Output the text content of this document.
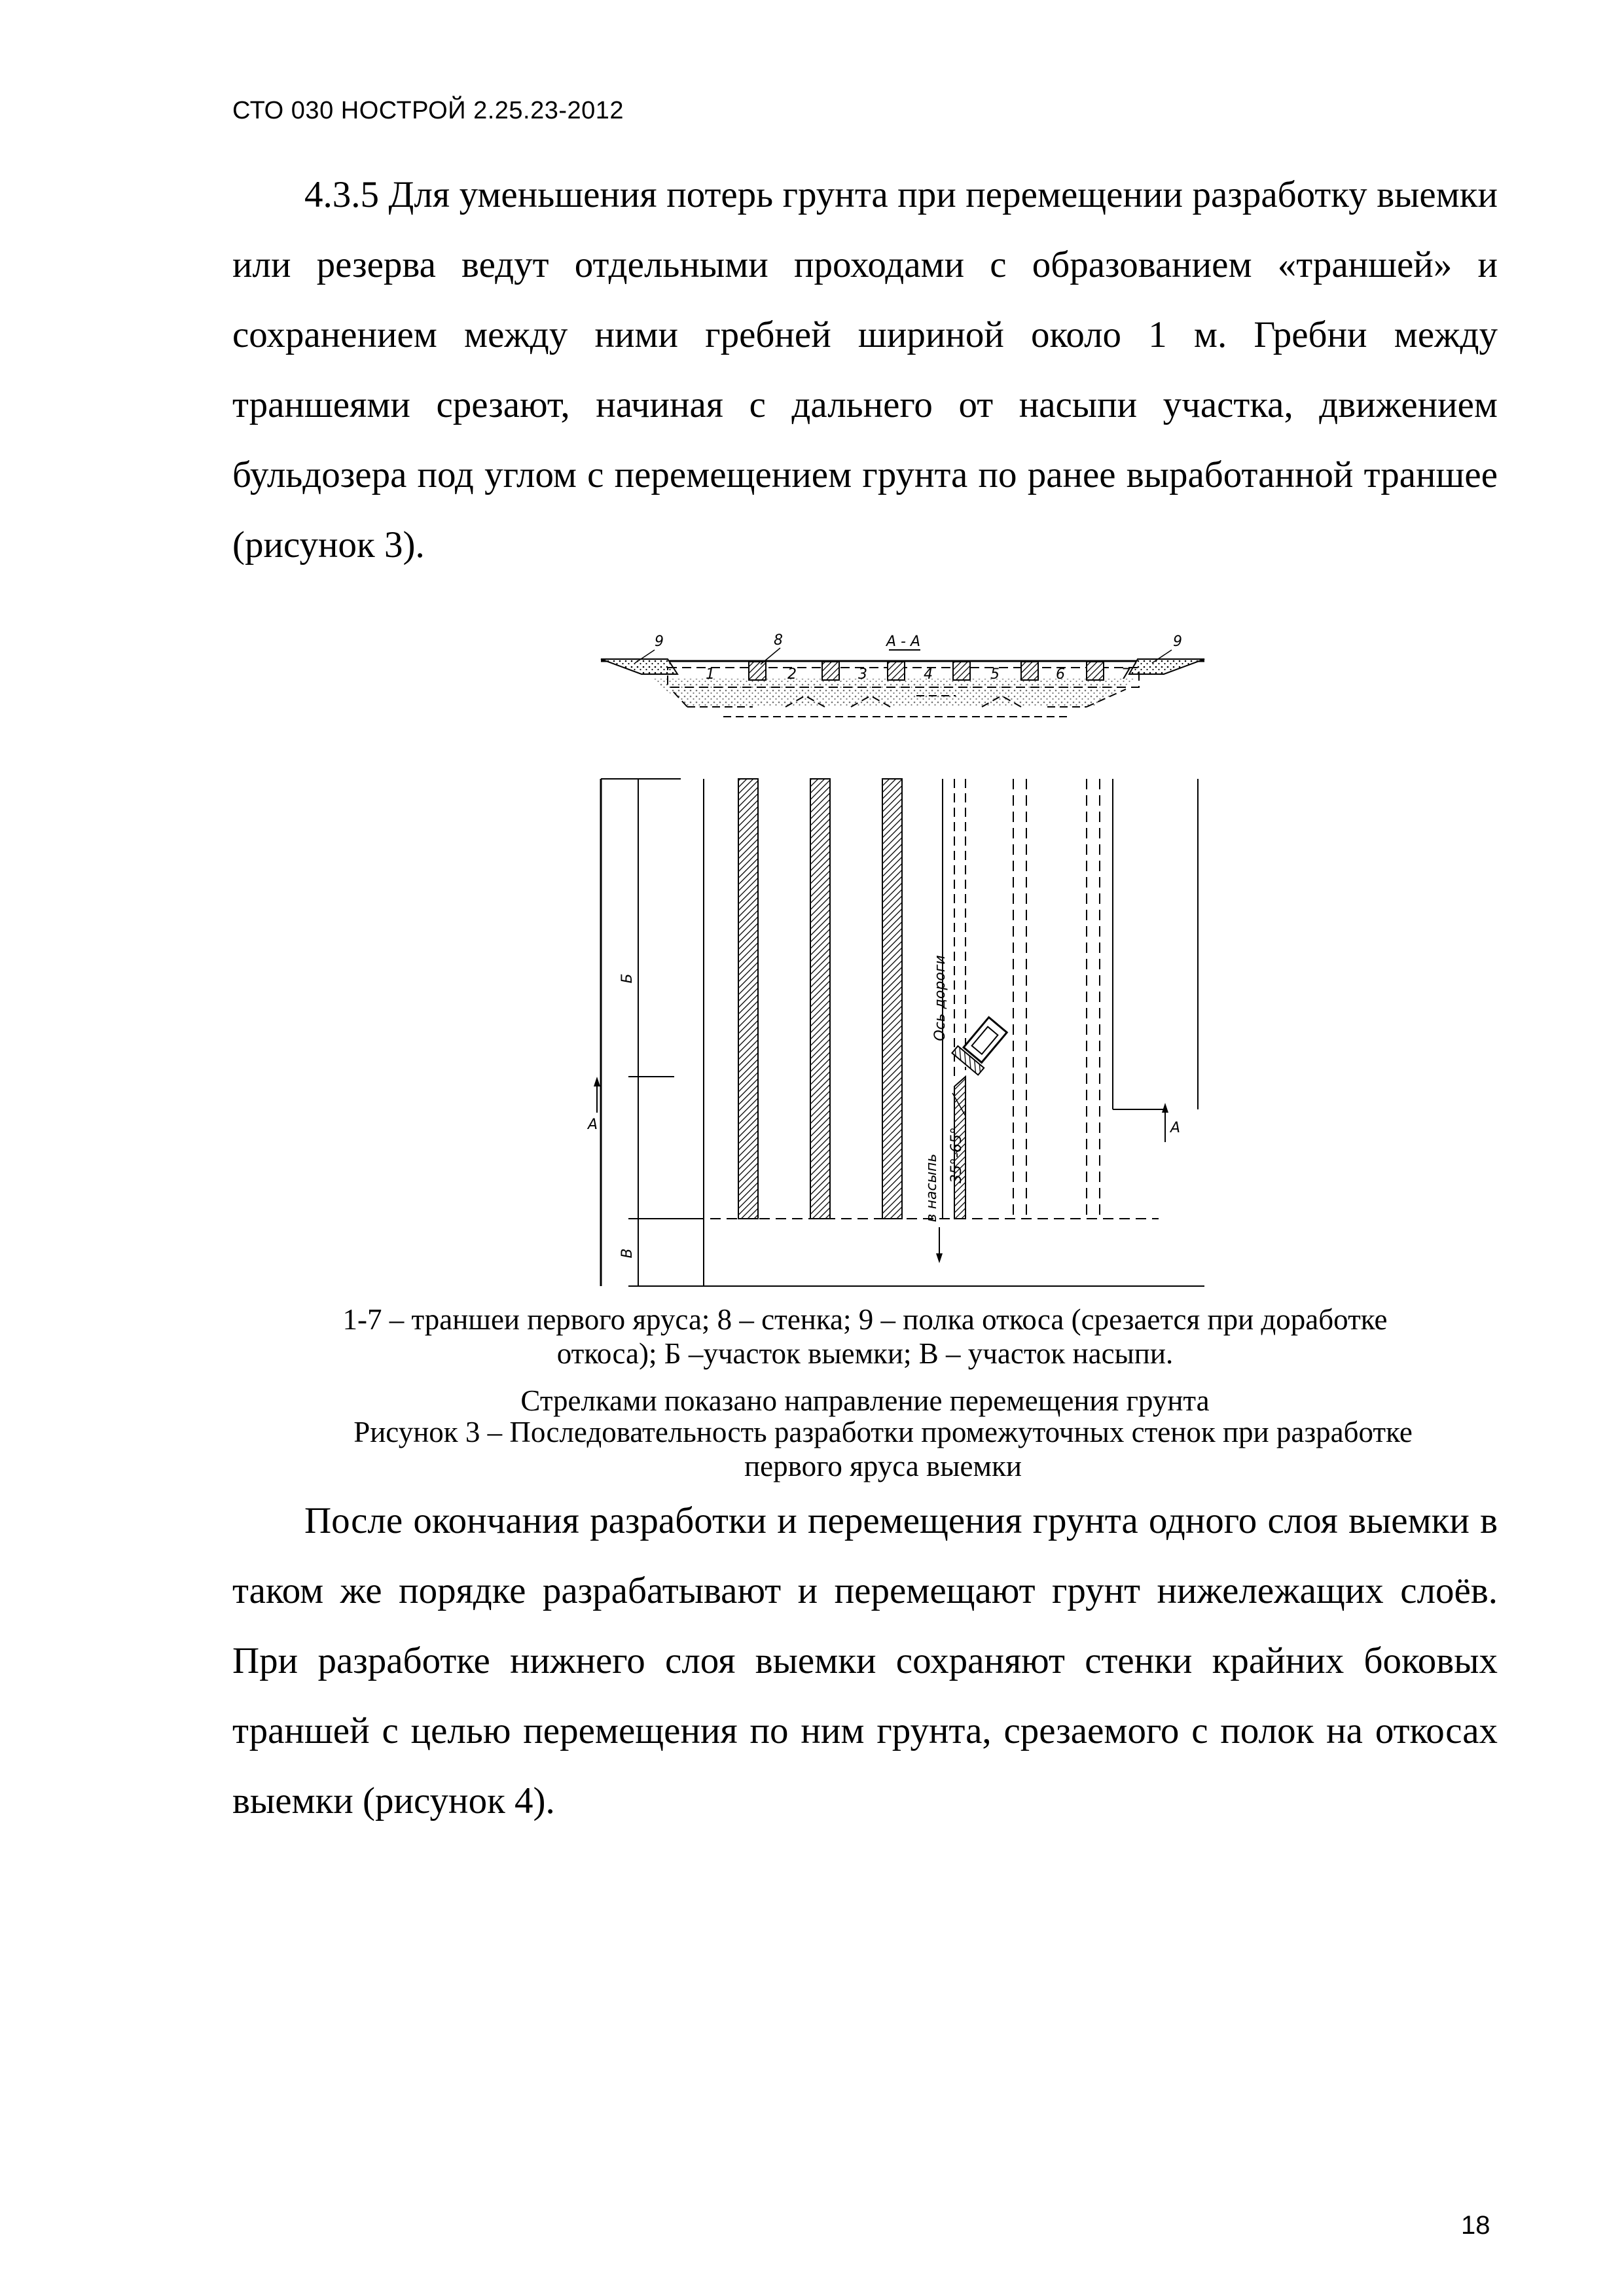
СТО 030 НОСТРОЙ 2.25.23-2012

4.3.5 Для уменьшения потерь грунта при перемещении разработку выемки или резерва ведут отдельными проходами с образованием «траншей» и сохранением между ними гребней шириной около 1 м. Гребни между траншеями срезают, начиная с дальнего от насыпи участка, движением бульдозера под углом с перемещением грунта по ранее выработанной траншее (рисунок 3).

А - А
1	2	3	4	5	6	7
8
9	9
Б
В
А	А
Ось дороги
35°-65°
в насыпь

1-7 – траншеи первого яруса; 8 – стенка; 9 – полка откоса (срезается при доработке
откоса); Б –участок выемки; В – участок насыпи.

Стрелками показано направление перемещения грунта

Рисунок 3 – Последовательность разработки промежуточных стенок при разработке
первого яруса выемки

После окончания разработки и перемещения грунта одного слоя выемки в таком же порядке разрабатывают и перемещают грунт нижележащих слоёв. При разработке нижнего слоя выемки сохраняют стенки крайних боковых траншей с целью перемещения по ним грунта, срезаемого с полок на откосах выемки (рисунок 4).

18
